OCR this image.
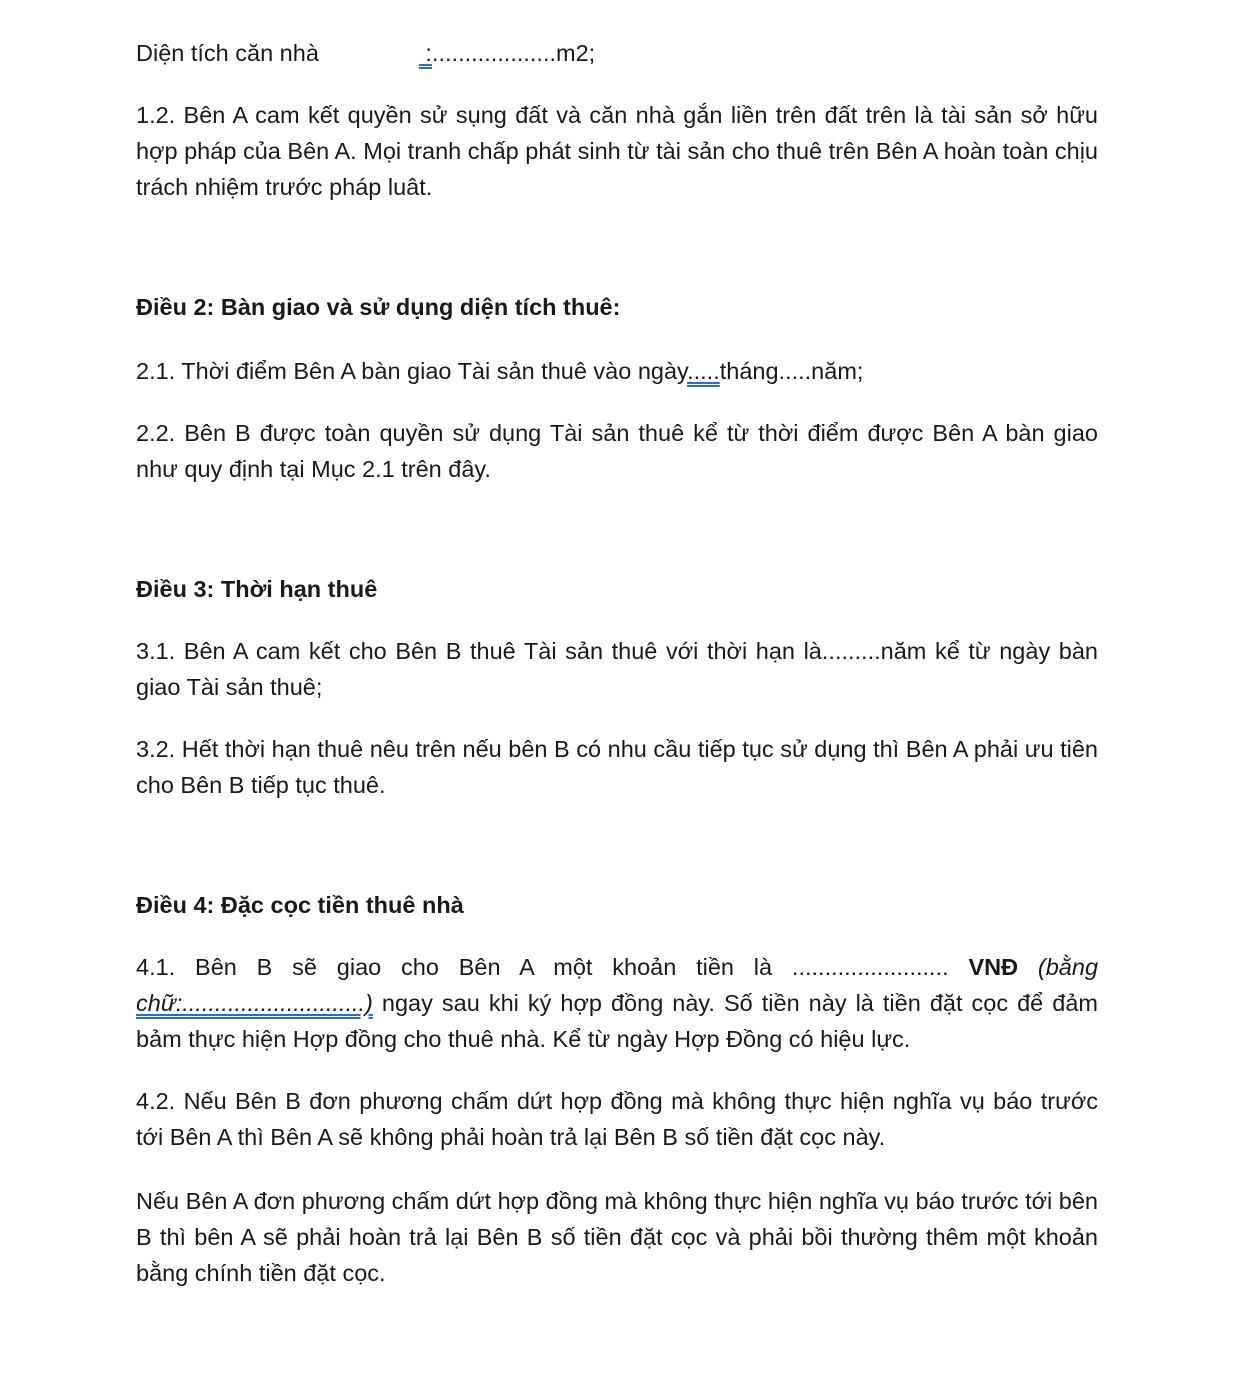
Diện tích căn nhà	:...................m2;

1.2. Bên A cam kết quyền sử sụng đất và căn nhà gắn liền trên đất trên là tài sản sở hữu hợp pháp của Bên A. Mọi tranh chấp phát sinh từ tài sản cho thuê trên Bên A hoàn toàn chịu trách nhiệm trước pháp luât.

Điều 2: Bàn giao và sử dụng diện tích thuê:

2.1. Thời điểm Bên A bàn giao Tài sản thuê vào ngày.....tháng.....năm;

2.2. Bên B được toàn quyền sử dụng Tài sản thuê kể từ thời điểm được Bên A bàn giao như quy định tại Mục 2.1 trên đây.

Điều 3: Thời hạn thuê

3.1. Bên A cam kết cho Bên B thuê Tài sản thuê với thời hạn là.........năm kể từ ngày bàn giao Tài sản thuê;

3.2. Hết thời hạn thuê nêu trên nếu bên B có nhu cầu tiếp tục sử dụng thì Bên A phải ưu tiên cho Bên B tiếp tục thuê.

Điều 4: Đặc cọc tiền thuê nhà

4.1. Bên B sẽ giao cho Bên A một khoản tiền là ........................ VNĐ (bằng chữ:............................) ngay sau khi ký hợp đồng này. Số tiền này là tiền đặt cọc để đảm bảm thực hiện Hợp đồng cho thuê nhà. Kể từ ngày Hợp Đồng có hiệu lực.

4.2. Nếu Bên B đơn phương chấm dứt hợp đồng mà không thực hiện nghĩa vụ báo trước tới Bên A thì Bên A sẽ không phải hoàn trả lại Bên B số tiền đặt cọc này.

Nếu Bên A đơn phương chấm dứt hợp đồng mà không thực hiện nghĩa vụ báo trước tới bên B thì bên A sẽ phải hoàn trả lại Bên B số tiền đặt cọc và phải bồi thường thêm một khoản bằng chính tiền đặt cọc.
